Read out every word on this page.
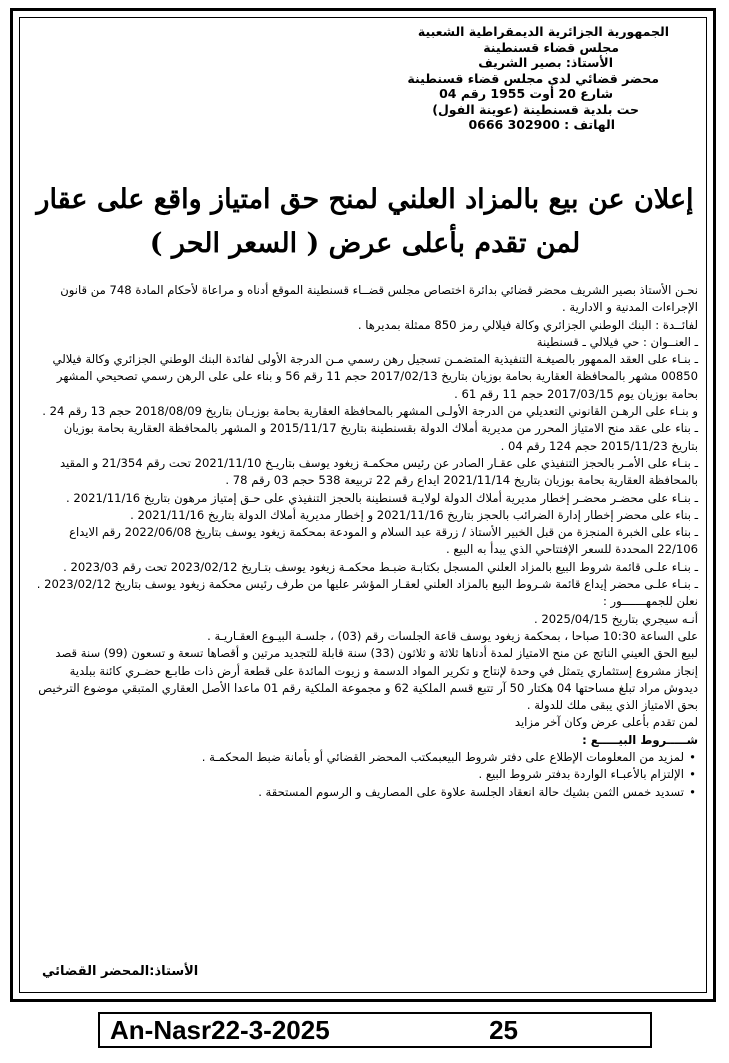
الجمهورية الجزائرية الديمقراطية الشعبية
مجلس قضاء قسنطينة
الأستاذ: بصير الشريف
محضر قضائي لدى مجلس قضاء قسنطينة
شارع 20 أوت 1955 رقم 04
حت بلدية قسنطينة (عوينة الفول)
الهاتف : 302900 0666
إعلان عن بيع بالمزاد العلني لمنح حق امتياز واقع على عقار
لمن تقدم بأعلى عرض ( السعر الحر )

نحـن الأستاذ بصير الشريف محضر قضائي بدائرة اختصاص مجلس قضــاء قسنطينة الموقع أدناه و مراعاة لأحكام المادة 748 من قانون الإجراءات المدنية و الادارية .

لفائــدة : البنك الوطني الجزائري وكالة فيلالي رمز 850 ممثلة بمديرها .

ـ العنــوان : حي فيلالي ـ قسنطينة

ـ بنـاء على العقد الممهور بالصيغـة التنفيذية المتضمـن تسجيل رهن رسمي مـن الدرجة الأولى لفائدة البنك الوطني الجزائري وكالة فيلالي 00850 مشهر بالمحافظة العقارية بحامة بوزيان بتاريخ 2017/02/13 حجم 11 رقم 56 و بناء على على الرهن رسمي تصحيحي المشهر بحامة بوزيان يوم 2017/03/15 حجم 11 رقم 61 .

و بنـاء على الرهـن القانوني التعديلي من الدرجة الأولـى المشهر بالمحافظة العقارية بحامة بوزيـان بتاريخ 2018/08/09 حجم 13 رقم 24 .

ـ بناء على عقد منح الامتياز المحرر من مديرية أملاك الدولة بقسنطينة بتاريخ 2015/11/17 و المشهر بالمحافظة العقارية بحامة بوزيان بتاريخ 2015/11/23 حجم 124 رقم 04 .

ـ بنـاء على الأمـر بالحجز التنفيذي على عقـار الصادر عن رئيس محكمـة زيغود يوسف بتاريـخ 2021/11/10 تحت رقم 21/354 و المقيد بالمحافظة العقارية بحامة بوزيان بتاريخ 2021/11/14 ايداع رقم 22 تربيعة 538 حجم 03 رقم 78 .

ـ بنـاء على محضـر محضـر إخطار مديرية أملاك الدولة لولايـة قسنطينة بالحجز التنفيذي على حـق إمتياز مرهون بتاريخ 2021/11/16 .

ـ بناء على محضر إخطار إدارة الضرائب بالحجز بتاريخ 2021/11/16 و إخطار مديرية أملاك الدولة بتاريخ 2021/11/16 .

ـ بناء على الخبرة المنجزة من قبل الخبير الأستاذ / زرقة عبد السلام و المودعة بمحكمة زيغود يوسف بتاريخ 2022/06/08 رقم الايداع 22/106 المحددة للسعر الإفتتاحي الذي يبدأ به البيع .

ـ بنـاء علـى قائمة شروط البيع بالمزاد العلني المسجل بكتابـة ضبـط محكمـة زيغود يوسف بتـاريخ 2023/02/12 تحت رقم 2023/03 .

ـ بنـاء علـى محضر إيداع قائمة شـروط البيع بالمزاد العلني لعقـار المؤشر عليها من طرف رئيس محكمة زيغود يوسف بتاريخ 2023/02/12 .

نعلن للجمهـــــــور :

أنـه سيجري بتاريخ 2025/04/15 .

على الساعة 10:30 صباحا ، بمحكمة زيغود يوسف قاعة الجلسات رقم (03) ، جلسـة البيـوع العقـاريـة .

لبيع الحق العيني الناتج عن منح الامتياز لمدة أدناها ثلاثة و ثلاثون (33) سنة قابلة للتجديد مرتين و أقصاها تسعة و تسعون (99) سنة قصد إنجاز مشروع إستثماري يتمثل في وحدة لإنتاج و تكرير المواد الدسمة و زيوت المائدة على قطعة أرض ذات طابـع حضـري كائنة ببلدية ديدوش مراد تبلغ مساحتها 04 هكتار 50 آر تتبع قسم الملكية 62 و مجموعة الملكية رقم 01 ماعدا الأصل العقاري المتبقي موضوع الترخيص بحق الامتياز الذي يبقى ملك للدولة .

لمن تقدم بأعلى عرض وكان آخر مزايد

شـــــروط البيـــــع :

• لمزيد من المعلومات الإطلاع على دفتر شروط البيعبمكتب المحضر القضائي أو بأمانة ضبط المحكمـة .
• الإلتزام بالأعبـاء الواردة بدفتر شروط البيع .
• تسديد خمس الثمن بشيك حالة انعقاد الجلسة علاوة على المصاريف و الرسوم المستحقة .
الأستاذ:المحضر القضائي
An-Nasr22-3-2025	25
